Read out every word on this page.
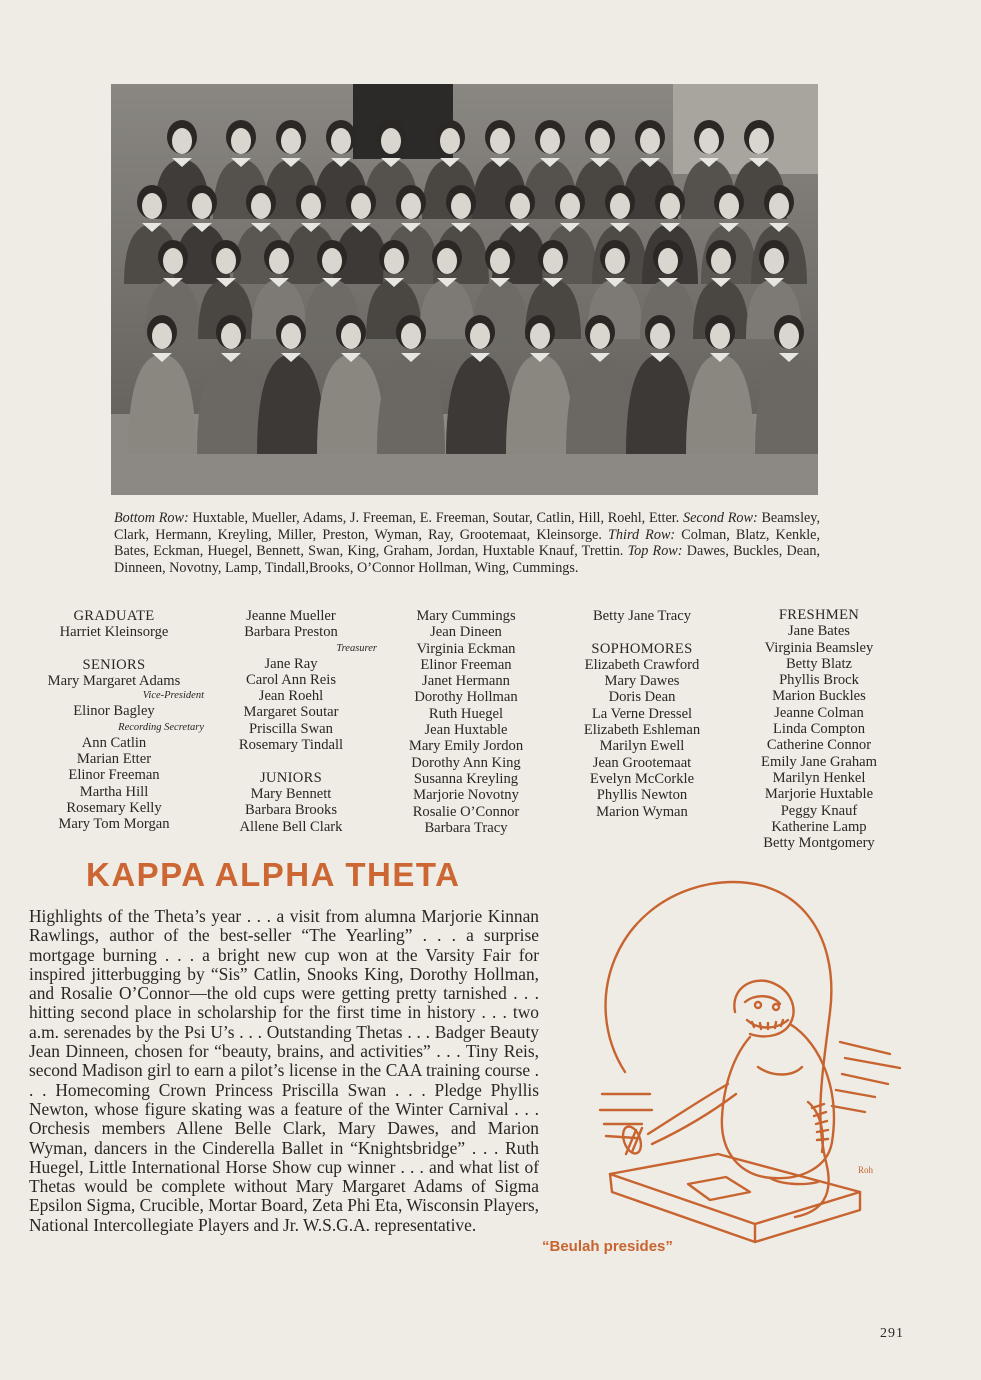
Bottom Row: Huxtable, Mueller, Adams, J. Freeman, E. Freeman, Soutar, Catlin, Hill, Roehl, Etter. Second Row: Beamsley, Clark, Hermann, Kreyling, Miller, Preston, Wyman, Ray, Grootemaat, Kleinsorge. Third Row: Colman, Blatz, Kenkle, Bates, Eckman, Huegel, Bennett, Swan, King, Graham, Jordan, Huxtable Knauf, Trettin. Top Row: Dawes, Buckles, Dean, Dinneen, Novotny, Lamp, Tindall,Brooks, O’Connor Hollman, Wing, Cummings.
GRADUATE
Harriet Kleinsorge
SENIORS
Mary Margaret Adams
Vice-President
Elinor Bagley
Recording Secretary
Ann Catlin
Marian Etter
Elinor Freeman
Martha Hill
Rosemary Kelly
Mary Tom Morgan
Jeanne Mueller
Barbara Preston
Treasurer
Jane Ray
Carol Ann Reis
Jean Roehl
Margaret Soutar
Priscilla Swan
Rosemary Tindall
JUNIORS
Mary Bennett
Barbara Brooks
Allene Bell Clark
Mary Cummings
Jean Dineen
Virginia Eckman
Elinor Freeman
Janet Hermann
Dorothy Hollman
Ruth Huegel
Jean Huxtable
Mary Emily Jordon
Dorothy Ann King
Susanna Kreyling
Marjorie Novotny
Rosalie O’Connor
Barbara Tracy
Betty Jane Tracy
SOPHOMORES
Elizabeth Crawford
Mary Dawes
Doris Dean
La Verne Dressel
Elizabeth Eshleman
Marilyn Ewell
Jean Grootemaat
Evelyn McCorkle
Phyllis Newton
Marion Wyman
FRESHMEN
Jane Bates
Virginia Beamsley
Betty Blatz
Phyllis Brock
Marion Buckles
Jeanne Colman
Linda Compton
Catherine Connor
Emily Jane Graham
Marilyn Henkel
Marjorie Huxtable
Peggy Knauf
Katherine Lamp
Betty Montgomery
KAPPA ALPHA THETA

Highlights of the Theta’s year . . . a visit from alumna Marjorie Kinnan Rawlings, author of the best-seller “The Yearling” . . . a surprise mortgage burning . . . a bright new cup won at the Varsity Fair for inspired jitterbugging by “Sis” Catlin, Snooks King, Dorothy Hollman, and Rosalie O’Connor—the old cups were getting pretty tarnished . . . hitting second place in scholarship for the first time in history . . . two a.m. serenades by the Psi U’s . . . Outstanding Thetas . . . Badger Beauty Jean Dinneen, chosen for “beauty, brains, and activities” . . . Tiny Reis, second Madison girl to earn a pilot’s license in the CAA training course . . . Homecoming Crown Princess Priscilla Swan . . . Pledge Phyllis Newton, whose figure skating was a feature of the Winter Carnival . . . Orchesis members Allene Belle Clark, Mary Dawes, and Marion Wyman, dancers in the Cinderella Ballet in “Knightsbridge” . . . Ruth Huegel, Little International Horse Show cup winner . . . and what list of Thetas would be complete without Mary Margaret Adams of Sigma Epsilon Sigma, Crucible, Mortar Board, Zeta Phi Eta, Wisconsin Players, National Intercollegiate Players and Jr. W.S.G.A. representative.

Roh
“Beulah presides”
291
